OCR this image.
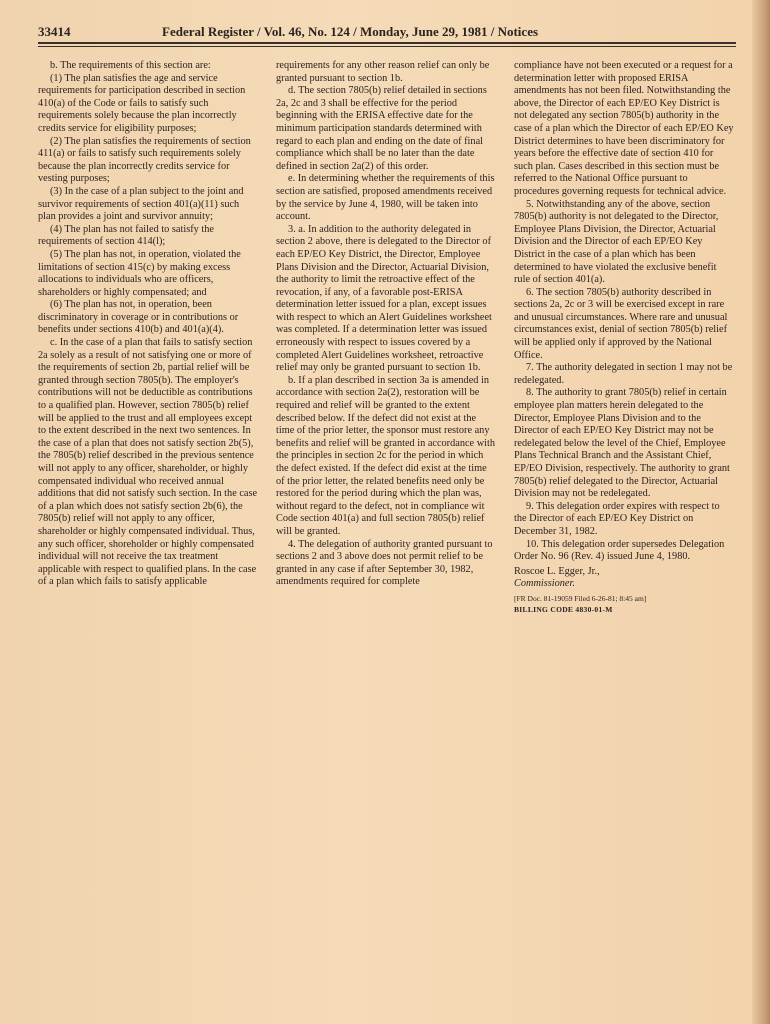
33414	Federal Register / Vol. 46, No. 124 / Monday, June 29, 1981 / Notices

b. The requirements of this section are:

(1) The plan satisfies the age and service requirements for participation described in section 410(a) of the Code or fails to satisfy such requirements solely because the plan incorrectly credits service for eligibility purposes;

(2) The plan satisfies the requirements of section 411(a) or fails to satisfy such requirements solely because the plan incorrectly credits service for vesting purposes;

(3) In the case of a plan subject to the joint and survivor requirements of section 401(a)(11) such plan provides a joint and survivor annuity;

(4) The plan has not failed to satisfy the requirements of section 414(l);

(5) The plan has not, in operation, violated the limitations of section 415(c) by making excess allocations to individuals who are officers, shareholders or highly compensated; and

(6) The plan has not, in operation, been discriminatory in coverage or in contributions or benefits under sections 410(b) and 401(a)(4).

c. In the case of a plan that fails to satisfy section 2a solely as a result of not satisfying one or more of the requirements of section 2b, partial relief will be granted through section 7805(b). The employer's contributions will not be deductible as contributions to a qualified plan. However, section 7805(b) relief will be applied to the trust and all employees except to the extent described in the next two sentences. In the case of a plan that does not satisfy section 2b(5), the 7805(b) relief described in the previous sentence will not apply to any officer, shareholder, or highly compensated individual who received annual additions that did not satisfy such section. In the case of a plan which does not satisfy section 2b(6), the 7805(b) relief will not apply to any officer, shareholder or highly compensated individual. Thus, any such officer, shoreholder or highly compensated individual will not receive the tax treatment applicable with respect to qualified plans. In the case of a plan which fails to satisfy applicable

requirements for any other reason relief can only be granted pursuant to section 1b.

d. The section 7805(b) relief detailed in sections 2a, 2c and 3 shall be effective for the period beginning with the ERISA effective date for the minimum participation standards determined with regard to each plan and ending on the date of final compliance which shall be no later than the date defined in section 2a(2) of this order.

e. In determining whether the requirements of this section are satisfied, proposed amendments received by the service by June 4, 1980, will be taken into account.

3. a. In addition to the authority delegated in section 2 above, there is delegated to the Director of each EP/EO Key District, the Director, Employee Plans Division and the Director, Actuarial Division, the authority to limit the retroactive effect of the revocation, if any, of a favorable post-ERISA determination letter issued for a plan, except issues with respect to which an Alert Guidelines worksheet was completed. If a determination letter was issued erroneously with respect to issues covered by a completed Alert Guidelines worksheet, retroactive relief may only be granted pursuant to section 1b.

b. If a plan described in section 3a is amended in accordance with section 2a(2), restoration will be required and relief will be granted to the extent described below. If the defect did not exist at the time of the prior letter, the sponsor must restore any benefits and relief will be granted in accordance with the principles in section 2c for the period in which the defect existed. If the defect did exist at the time of the prior letter, the related benefits need only be restored for the period during which the plan was, without regard to the defect, not in compliance wit Code section 401(a) and full section 7805(b) relief will be granted.

4. The delegation of authority granted pursuant to sections 2 and 3 above does not permit relief to be granted in any case if after September 30, 1982, amendments required for complete

compliance have not been executed or a request for a determination letter with proposed ERISA amendments has not been filed. Notwithstanding the above, the Director of each EP/EO Key District is not delegated any section 7805(b) authority in the case of a plan which the Director of each EP/EO Key District determines to have been discriminatory for years before the effective date of section 410 for such plan. Cases described in this section must be referred to the National Office pursuant to procedures governing requests for technical advice.

5. Notwithstanding any of the above, section 7805(b) authority is not delegated to the Director, Employee Plans Division, the Director, Actuarial Division and the Director of each EP/EO Key District in the case of a plan which has been determined to have violated the exclusive benefit rule of section 401(a).

6. The section 7805(b) authority described in sections 2a, 2c or 3 will be exercised except in rare and unusual circumstances. Where rare and unusual circumstances exist, denial of section 7805(b) relief will be applied only if approved by the National Office.

7. The authority delegated in section 1 may not be redelegated.

8. The authority to grant 7805(b) relief in certain employee plan matters herein delegated to the Director, Employee Plans Division and to the Director of each EP/EO Key District may not be redelegated below the level of the Chief, Employee Plans Technical Branch and the Assistant Chief, EP/EO Division, respectively. The authority to grant 7805(b) relief delegated to the Director, Actuarial Division may not be redelegated.

9. This delegation order expires with respect to the Director of each EP/EO Key District on December 31, 1982.

10. This delegation order supersedes Delegation Order No. 96 (Rev. 4) issued June 4, 1980.

Roscoe L. Egger, Jr.,

Commissioner.

[FR Doc. 81-19059 Filed 6-26-81; 8:45 am]

BILLING CODE 4830-01-M
